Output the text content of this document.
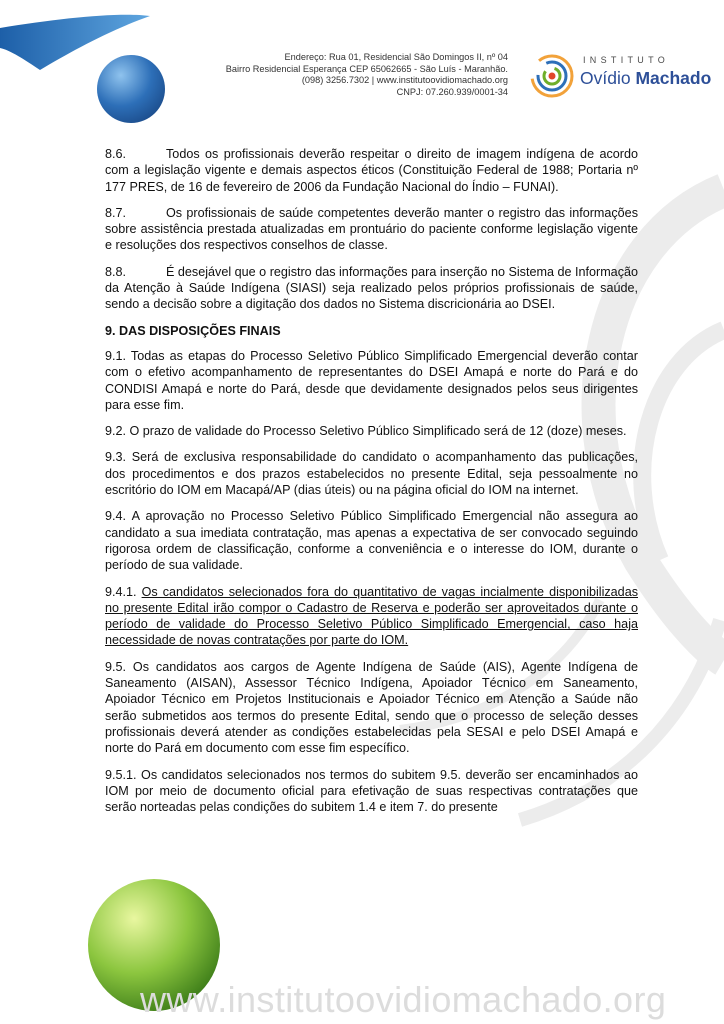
Endereço: Rua 01, Residencial São Domingos II, nº 04
Bairro Residencial Esperança CEP 65062665 - São Luís - Maranhão.
(098) 3256.7302 | www.institutoovidiomachado.org
CNPJ: 07.260.939/0001-34
INSTITUTO
Ovídio Machado

8.6.	Todos os profissionais deverão respeitar o direito de imagem indígena de acordo com a legislação vigente e demais aspectos éticos (Constituição Federal de 1988; Portaria nº 177 PRES, de 16 de fevereiro de 2006 da Fundação Nacional do Índio – FUNAI).

8.7.	Os profissionais de saúde competentes deverão manter o registro das informações sobre assistência prestada atualizadas em prontuário do paciente conforme legislação vigente e resoluções dos respectivos conselhos de classe.

8.8.	É desejável que o registro das informações para inserção no Sistema de Informação da Atenção à Saúde Indígena (SIASI) seja realizado pelos próprios profissionais de saúde, sendo a decisão sobre a digitação dos dados no Sistema discricionária ao DSEI.

9. DAS DISPOSIÇÕES FINAIS

9.1. Todas as etapas do Processo Seletivo Público Simplificado Emergencial deverão contar com o efetivo acompanhamento de representantes do DSEI Amapá e norte do Pará e do CONDISI Amapá e norte do Pará, desde que devidamente designados pelos seus dirigentes para esse fim.

9.2. O prazo de validade do Processo Seletivo Público Simplificado será de 12 (doze) meses.

9.3. Será de exclusiva responsabilidade do candidato o acompanhamento das publicações, dos procedimentos e dos prazos estabelecidos no presente Edital, seja pessoalmente no escritório do IOM em Macapá/AP (dias úteis) ou na página oficial do IOM na internet.

9.4. A aprovação no Processo Seletivo Público Simplificado Emergencial não assegura ao candidato a sua imediata contratação, mas apenas a expectativa de ser convocado seguindo rigorosa ordem de classificação, conforme a conveniência e o interesse do IOM, durante o período de sua validade.

9.4.1. Os candidatos selecionados fora do quantitativo de vagas incialmente disponibilizadas no presente Edital irão compor o Cadastro de Reserva e poderão ser aproveitados durante o período de validade do Processo Seletivo Público Simplificado Emergencial, caso haja necessidade de novas contratações por parte do IOM.

9.5. Os candidatos aos cargos de Agente Indígena de Saúde (AIS), Agente Indígena de Saneamento (AISAN), Assessor Técnico Indígena, Apoiador Técnico em Saneamento, Apoiador Técnico em Projetos Institucionais e Apoiador Técnico em Atenção a Saúde não serão submetidos aos termos do presente Edital, sendo que o processo de seleção desses profissionais deverá atender as condições estabelecidas pela SESAI e pelo DSEI Amapá e norte do Pará em documento com esse fim específico.

9.5.1. Os candidatos selecionados nos termos do subitem 9.5. deverão ser encaminhados ao IOM por meio de documento oficial para efetivação de suas respectivas contratações que serão norteadas pelas condições do subitem 1.4 e item 7. do presente

www.institutoovidiomachado.org
